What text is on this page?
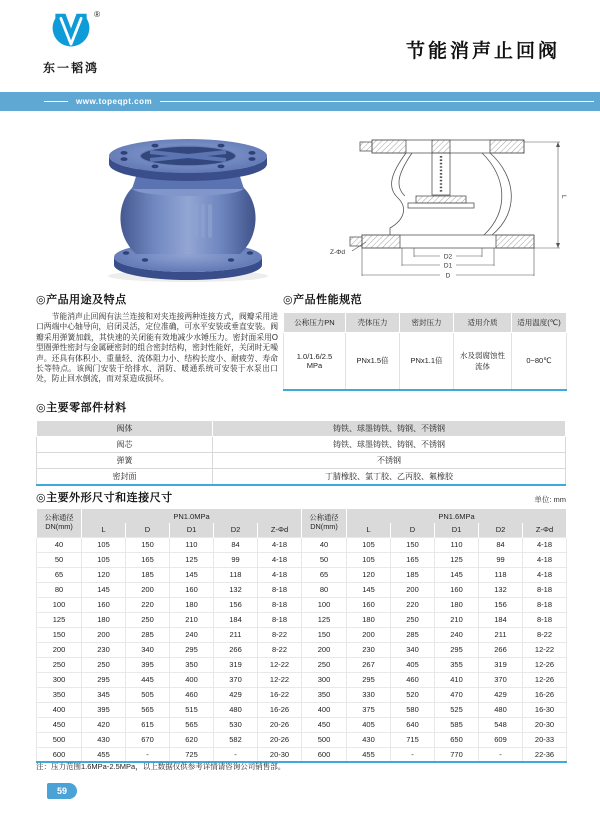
®
东一韬鸿
节能消声止回阀
www.topeqpt.com
L
D2
D1
D
Z-Φd
◎产品用途及特点

节能消声止回阀有法兰连接和对夹连接两种连接方式，阀瓣采用进口两端中心轴导向，启闭灵活，定位准确，可水平安装或垂直安装。阀瓣采用弹簧加载，其快速的关闭能有效地减少水锤压力。密封面采用O型圈弹性密封与金属硬密封的组合密封结构，密封性能好，关闭时无噪声。还具有体积小、重量轻、流体阻力小、结构长度小、耐疲劳、寿命长等特点。该阀门安装于给排水、消防、暖通系统可安装于水泵出口处，防止回水倒流，而对泵造成损坏。

◎产品性能规范
公称压力PN	壳体压力	密封压力	适用介质	适用温度(℃)
1.0/1.6/2.5 MPa	PNx1.5倍	PNx1.1倍	水及弱腐蚀性流体	0~80℃
◎主要零部件材料
阀体	铸铁、球墨铸铁、铸钢、不锈钢
阀芯	铸铁、球墨铸铁、铸钢、不锈钢
弹簧	不锈钢
密封面	丁腈橡胶、氯丁胶、乙丙胶、氟橡胶
◎主要外形尺寸和连接尺寸	单位: mm
公称通径
DN(mm)	PN1.0MPa					公称通径
DN(mm)	PN1.6MPa				
	L	D	D1	D2	Z-Φd		L	D	D1	D2	Z-Φd
40	105	150	110	84	4-18	40	105	150	110	84	4-18
50	105	165	125	99	4-18	50	105	165	125	99	4-18
65	120	185	145	118	4-18	65	120	185	145	118	4-18
80	145	200	160	132	8-18	80	145	200	160	132	8-18
100	160	220	180	156	8-18	100	160	220	180	156	8-18
125	180	250	210	184	8-18	125	180	250	210	184	8-18
150	200	285	240	211	8-22	150	200	285	240	211	8-22
200	230	340	295	266	8-22	200	230	340	295	266	12-22
250	250	395	350	319	12-22	250	267	405	355	319	12-26
300	295	445	400	370	12-22	300	295	460	410	370	12-26
350	345	505	460	429	16-22	350	330	520	470	429	16-26
400	395	565	515	480	16-26	400	375	580	525	480	16-30
450	420	615	565	530	20-26	450	405	640	585	548	20-30
500	430	670	620	582	20-26	500	430	715	650	609	20-33
600	455	-	725	-	20-30	600	455	-	770	-	22-36
注：压力范围1.6MPa-2.5MPa，以上数据仅供参考详情请咨询公司销售部。
59
